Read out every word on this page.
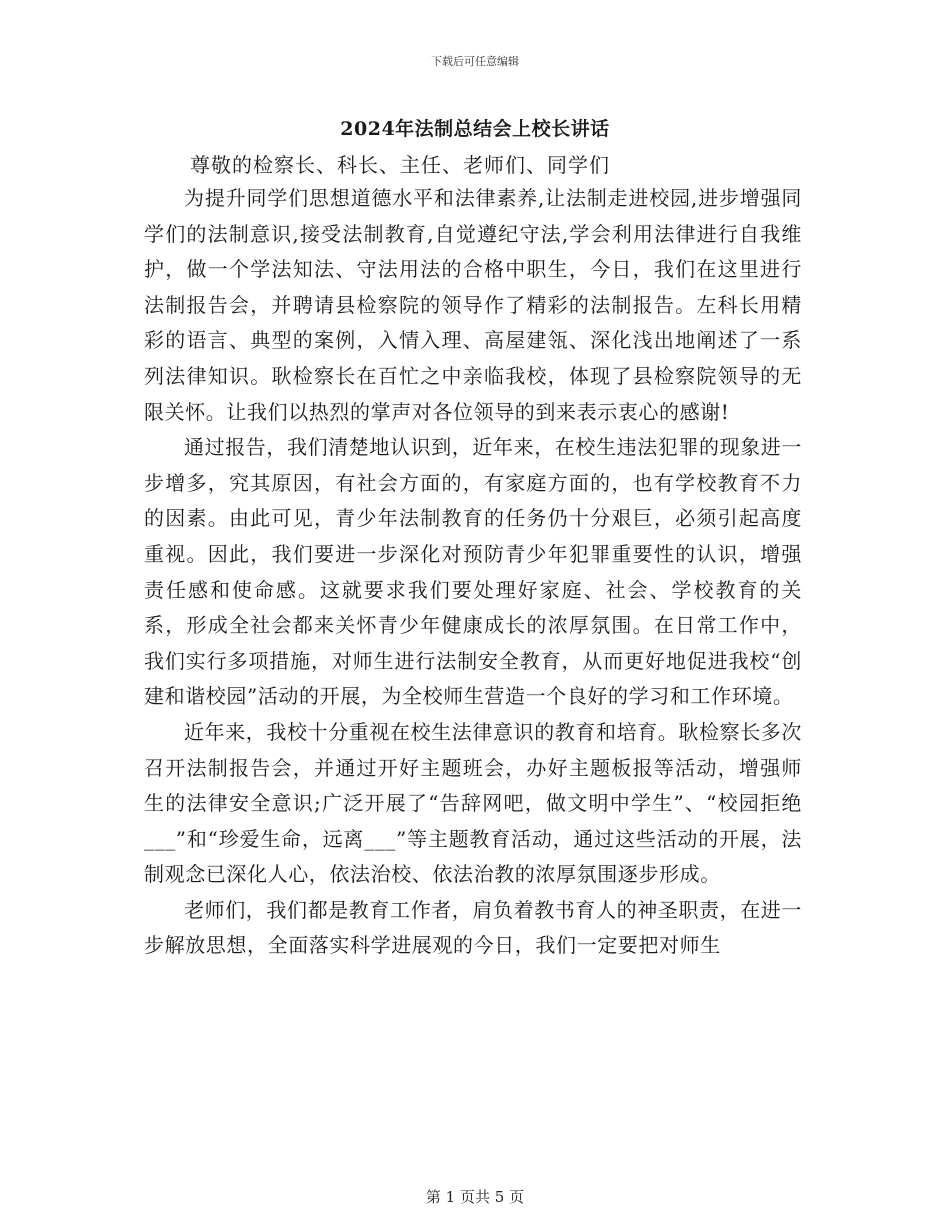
下载后可任意编辑
2024年法制总结会上校长讲话
尊敬的检察长、科长、主任、老师们、同学们

为提升同学们思想道德水平和法律素养,让法制走进校园,进步增强同学们的法制意识,接受法制教育,自觉遵纪守法,学会利用法律进行自我维护，做一个学法知法、守法用法的合格中职生，今日，我们在这里进行法制报告会，并聘请县检察院的领导作了精彩的法制报告。左科长用精彩的语言、典型的案例，入情入理、高屋建瓴、深化浅出地阐述了一系列法律知识。耿检察长在百忙之中亲临我校，体现了县检察院领导的无限关怀。让我们以热烈的掌声对各位领导的到来表示衷心的感谢!

通过报告，我们清楚地认识到，近年来，在校生违法犯罪的现象进一步增多，究其原因，有社会方面的，有家庭方面的，也有学校教育不力的因素。由此可见，青少年法制教育的任务仍十分艰巨，必须引起高度重视。因此，我们要进一步深化对预防青少年犯罪重要性的认识，增强责任感和使命感。这就要求我们要处理好家庭、社会、学校教育的关系，形成全社会都来关怀青少年健康成长的浓厚氛围。在日常工作中，我们实行多项措施，对师生进行法制安全教育，从而更好地促进我校“创建和谐校园”活动的开展，为全校师生营造一个良好的学习和工作环境。

近年来，我校十分重视在校生法律意识的教育和培育。耿检察长多次召开法制报告会，并通过开好主题班会，办好主题板报等活动，增强师生的法律安全意识;广泛开展了“告辞网吧，做文明中学生”、“校园拒绝___”和“珍爱生命，远离___”等主题教育活动，通过这些活动的开展，法制观念已深化人心，依法治校、依法治教的浓厚氛围逐步形成。

老师们，我们都是教育工作者，肩负着教书育人的神圣职责，在进一步解放思想，全面落实科学进展观的今日，我们一定要把对师生

第 1 页共 5 页
